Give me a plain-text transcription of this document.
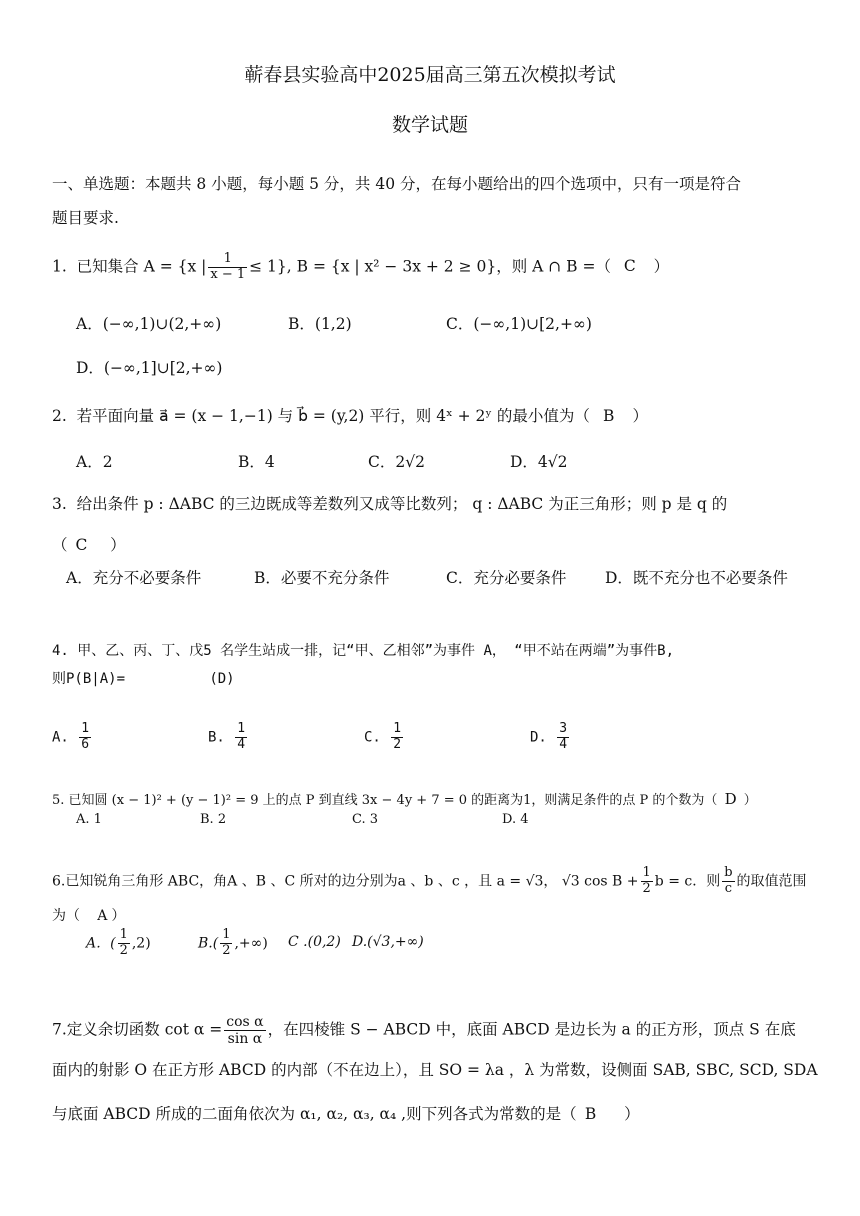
蕲春县实验高中2025届高三第五次模拟考试
数学试题
一、单选题：本题共 8 小题，每小题 5 分，共 40 分，在每小题给出的四个选项中，只有一项是符合
题目要求.
1. 已知集合 A = {x | $\frac{1}{x - 1} \le 1$}, B = {x | x² − 3x + 2 ≥ 0}，则 A ∩ B =（ C ）
A．(−∞,1)∪(2,+∞)	B．(1,2)	C．(−∞,1)∪[2,+∞)
D．(−∞,1]∪[2,+∞)
2. 若平面向量 a⃗ = (x − 1,−1) 与 b⃗ = (y,2) 平行，则 4ˣ + 2ʸ 的最小值为（ B ）
A．2	B．4	C．2√2	D．4√2
3. 给出条件 p : ΔABC 的三边既成等差数列又成等比数列； q : ΔABC 为正三角形；则 p 是 q 的
（ C ）
A．充分不必要条件	B．必要不充分条件	C．充分必要条件 D．既不充分也不必要条件
4. 甲、乙、丙、丁、戊5 名学生站成一排，记“甲、乙相邻”为事件 A， “甲不站在两端”为事件B,
则P(B|A)=	(D)
A. $\frac{1}{6}$	B. $\frac{1}{4}$	C. $\frac{1}{2}$	D. $\frac{3}{4}$
5. 已知圆 (x − 1)² + (y − 1)² = 9 上的点 P 到直线 3x − 4y + 7 = 0 的距离为1，则满足条件的点 P 的个数为（ D ）
A. 1	B. 2	C. 3	D. 4
6.已知锐角三角形 ABC，角A 、B 、C 所对的边分别为a 、b 、c ，且 a = √3， √3 $\cos B + \frac{1}{2}$ b = c．则 $\frac{b}{c}$ 的取值范围
为（ A ）
A．( $\frac{1}{2} ,2$)	$B.( \frac{1}{2}$ ,+∞) C .(0,2) D.(√3,+∞)
7.定义余切函数 $\cot \alpha = \frac{\text{cos α}}{\text{sin α}}$ ，在四棱锥 S − ABCD 中，底面 ABCD 是边长为 a 的正方形，顶点 S 在底
面内的射影 O 在正方形 ABCD 的内部（不在边上），且 SO = λa ，λ 为常数，设侧面 SAB, SBC, SCD, SDA
与底面 ABCD 所成的二面角依次为 α₁, α₂, α₃, α₄ ,则下列各式为常数的是（ B ）
